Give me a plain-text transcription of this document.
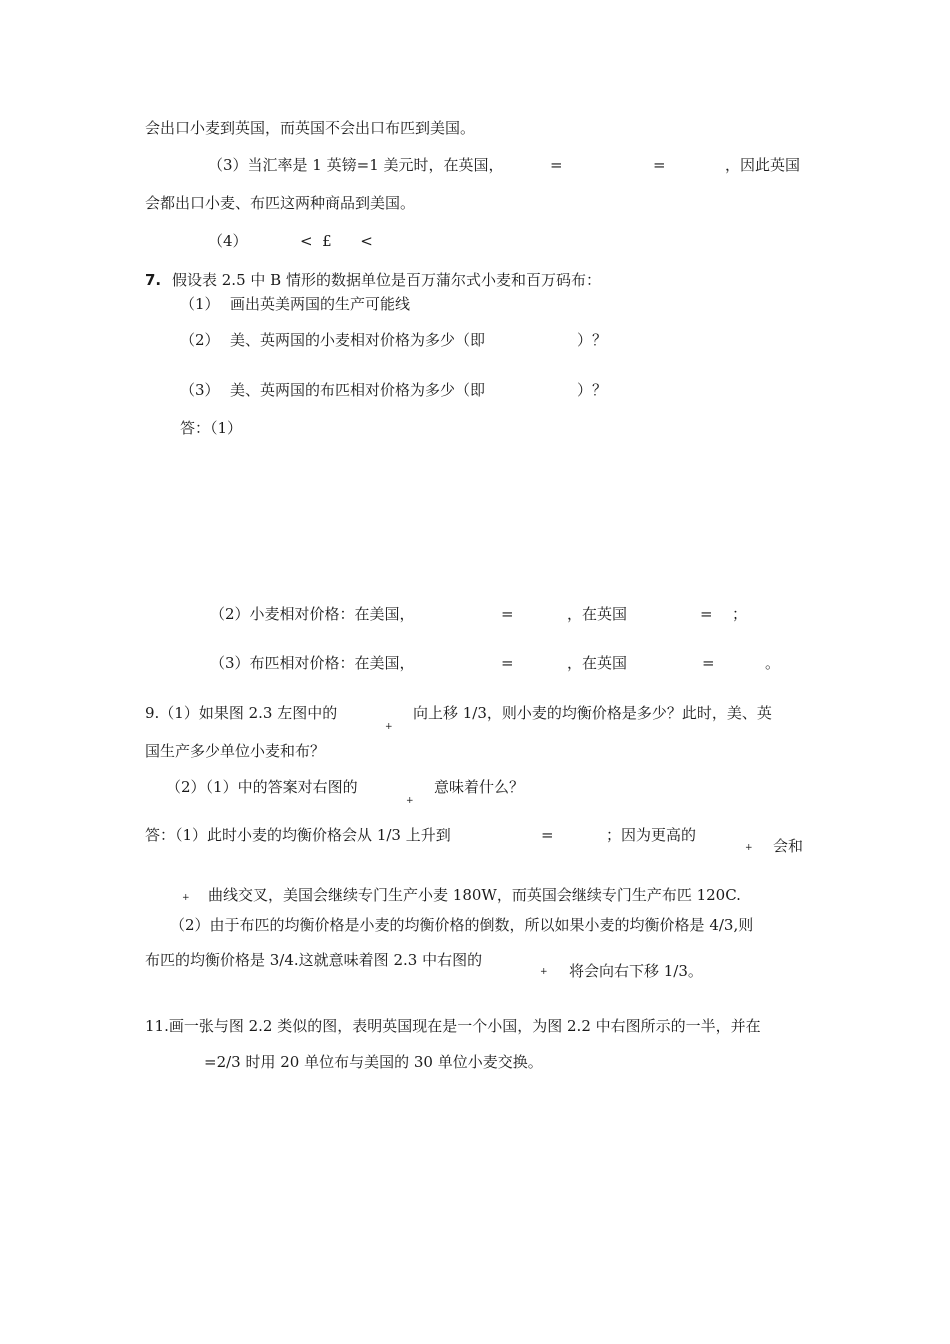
会出口小麦到英国，而英国不会出口布匹到美国。
（3）当汇率是 1 英镑=1 美元时，在英国，	=	=	，因此英国
会都出口小麦、布匹这两种商品到美国。
（4）	<  £      <
7. 假设表 2.5 中 B 情形的数据单位是百万蒲尔式小麦和百万码布：
（1） 画出英美两国的生产可能线
（2） 美、英两国的小麦相对价格为多少（即	）？
（3） 美、英两国的布匹相对价格为多少（即	）？
答：（1）
（2）小麦相对价格：在美国，	=	，在英国	= ；
（3）布匹相对价格：在美国，	=	，在英国	=	。
9.（1）如果图 2.3 左图中的
+
向上移 1/3，则小麦的均衡价格是多少？此时，美、英
国生产多少单位小麦和布？
（2）（1）中的答案对右图的
+
意味着什么？
答：（1）此时小麦的均衡价格会从 1/3 上升到	=	；因为更高的
+ 会和
+ 曲线交叉，美国会继续专门生产小麦 180W，而英国会继续专门生产布匹 120C.
（2）由于布匹的均衡价格是小麦的均衡价格的倒数，所以如果小麦的均衡价格是 4/3,则
布匹的均衡价格是 3/4.这就意味着图 2.3 中右图的
+ 将会向右下移 1/3。
11.画一张与图 2.2 类似的图，表明英国现在是一个小国，为图 2.2 中右图所示的一半，并在
=2/3 时用 20 单位布与美国的 30 单位小麦交换。
